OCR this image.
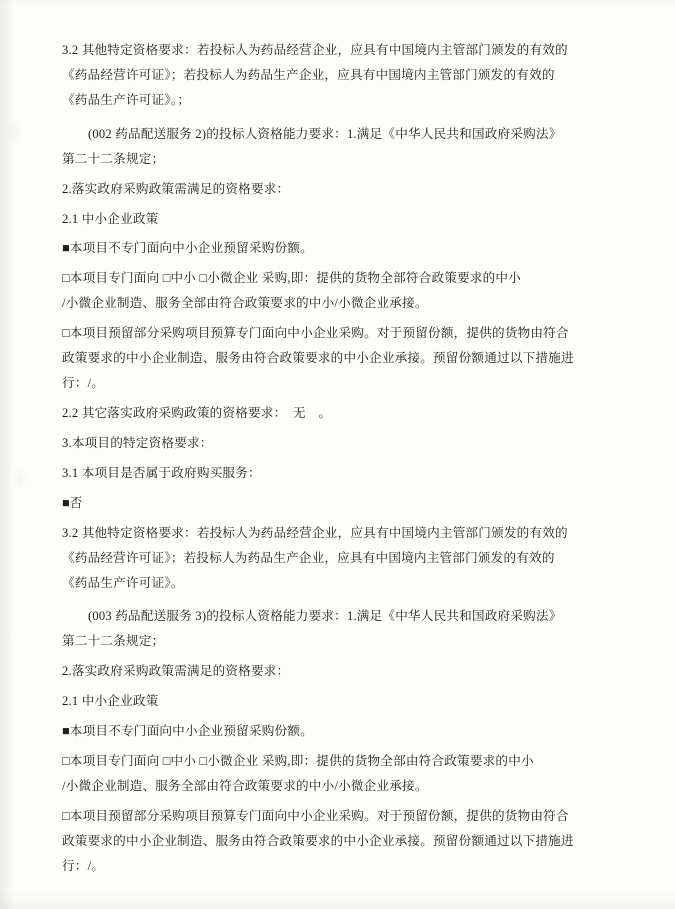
3.2 其他特定资格要求：若投标人为药品经营企业，应具有中国境内主管部门颁发的有效的

《药品经营许可证》；若投标人为药品生产企业，应具有中国境内主管部门颁发的有效的

《药品生产许可证》。；

(002 药品配送服务 2)的投标人资格能力要求：1.满足《中华人民共和国政府采购法》

第二十二条规定；

2.落实政府采购政策需满足的资格要求：

2.1 中小企业政策

■本项目不专门面向中小企业预留采购份额。

□本项目专门面向 □中小 □小微企业 采购,即：提供的货物全部符合政策要求的中小

/小微企业制造、服务全部由符合政策要求的中小/小微企业承接。

□本项目预留部分采购项目预算专门面向中小企业采购。对于预留份额，提供的货物由符合

政策要求的中小企业制造、服务由符合政策要求的中小企业承接。预留份额通过以下措施进

行：/。

2.2 其它落实政府采购政策的资格要求：　无　。

3.本项目的特定资格要求：

3.1 本项目是否属于政府购买服务：

■否

3.2 其他特定资格要求：若投标人为药品经营企业，应具有中国境内主管部门颁发的有效的

《药品经营许可证》；若投标人为药品生产企业，应具有中国境内主管部门颁发的有效的

《药品生产许可证》。

(003 药品配送服务 3)的投标人资格能力要求：1.满足《中华人民共和国政府采购法》

第二十二条规定；

2.落实政府采购政策需满足的资格要求：

2.1 中小企业政策

■本项目不专门面向中小企业预留采购份额。

□本项目专门面向 □中小 □小微企业 采购,即：提供的货物全部由符合政策要求的中小

/小微企业制造、服务全部由符合政策要求的中小/小微企业承接。

□本项目预留部分采购项目预算专门面向中小企业采购。对于预留份额，提供的货物由符合

政策要求的中小企业制造、服务由符合政策要求的中小企业承接。预留份额通过以下措施进

行：/。
